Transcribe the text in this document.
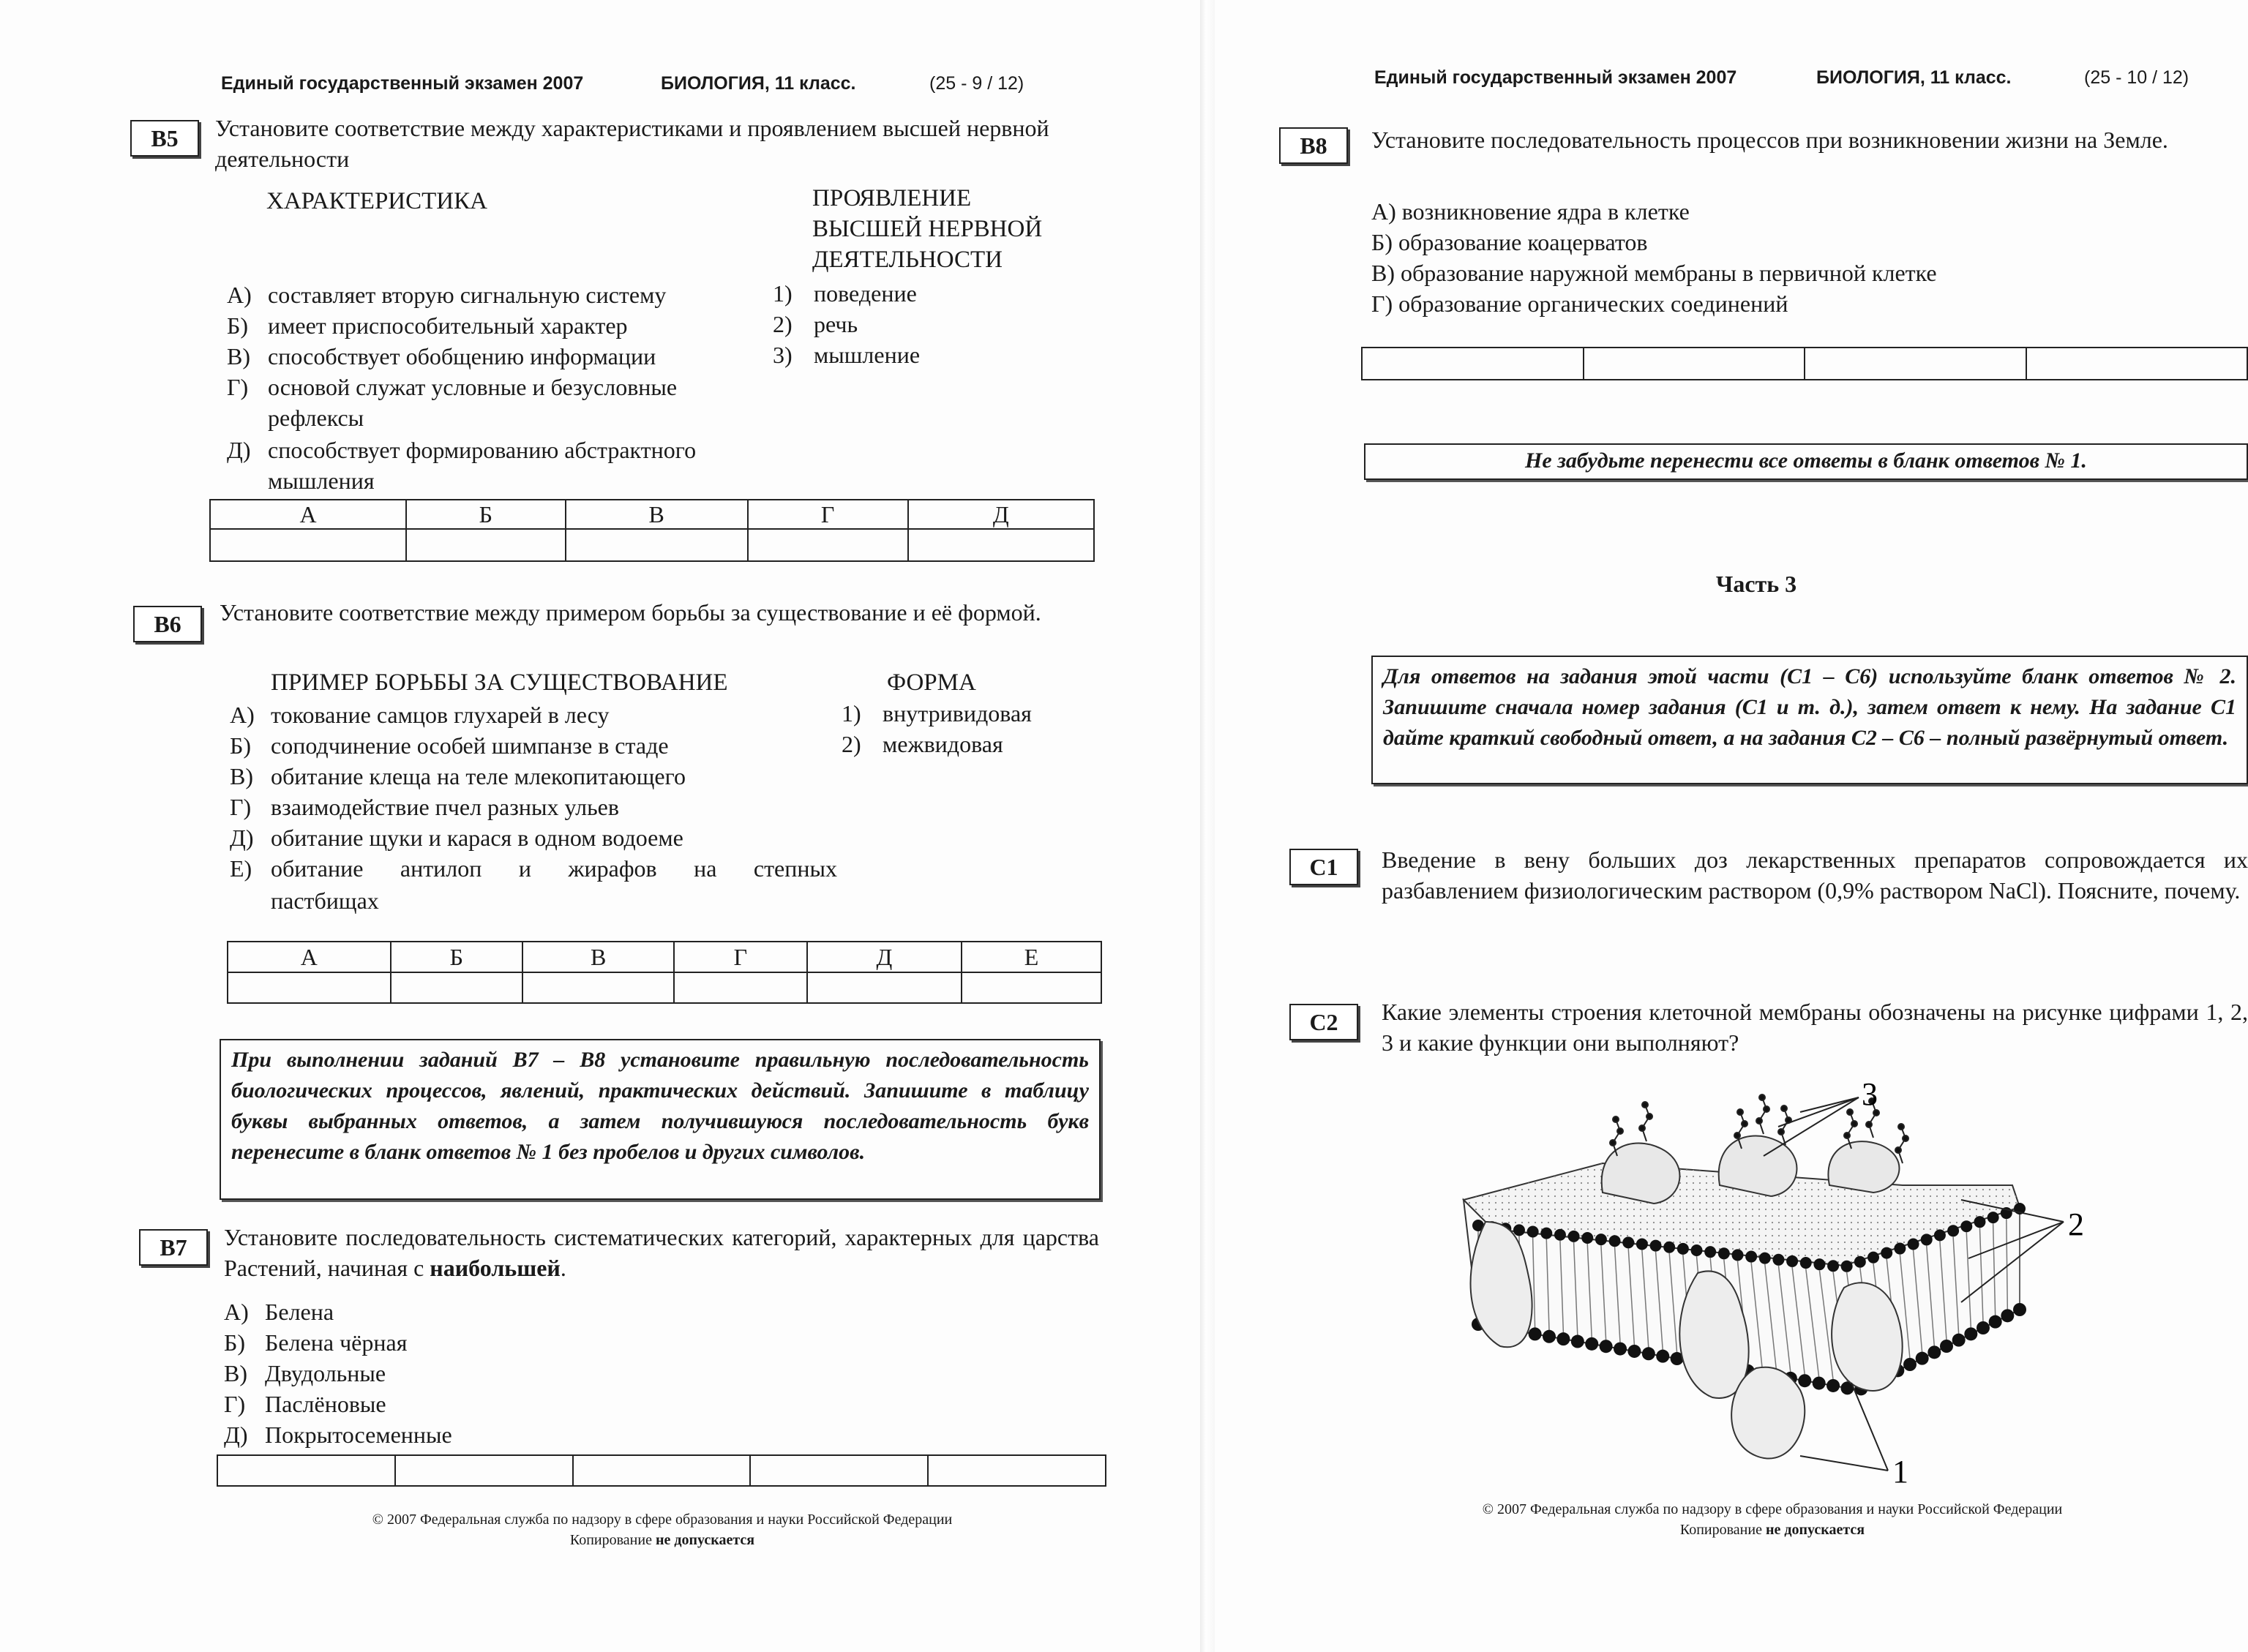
Единый государственный экзамен 2007	БИОЛОГИЯ, 11 класс.	(25 - 9 / 12)
В5	Установите соответствие между характеристиками и проявлением высшей нервной деятельности
ХАРАКТЕРИСТИКА	ПРОЯВЛЕНИЕ
ВЫСШЕЙ НЕРВНОЙ
ДЕЯТЕЛЬНОСТИ
А) составляет вторую сигнальную систему
Б) имеет приспособительный характер
В) способствует обобщению информации
Г) основой служат условные и безусловные
рефлексы
Д) способствует формированию абстрактного
мышления
1) поведение
2) речь
3) мышление
А	Б	В	Г	Д

В6	Установите соответствие между примером борьбы за существование и её формой.
ПРИМЕР БОРЬБЫ ЗА СУЩЕСТВОВАНИЕ	ФОРМА
А) токование самцов глухарей в лесу
Б) соподчинение особей шимпанзе в стаде
В) обитание клеща на теле млекопитающего
Г) взаимодействие пчел разных ульев
Д) обитание щуки и карася в одном водоеме
Е) обитание антилоп и жирафов на степных
пастбищах
1) внутривидовая
2) межвидовая
А	Б	В	Г	Д	Е

При выполнении заданий В7 – В8 установите правильную последовательность биологических процессов, явлений, практических действий. Запишите в таблицу буквы выбранных ответов, а затем получившуюся последовательность букв перенесите в бланк ответов № 1 без пробелов и других символов.
В7	Установите последовательность систематических категорий, характерных для царства Растений, начиная с наибольшей.
А) Белена
Б) Белена чёрная
В) Двудольные
Г) Паслёновые
Д) Покрытосеменные

© 2007 Федеральная служба по надзору в сфере образования и науки Российской Федерации
Копирование не допускается
Единый государственный экзамен 2007	БИОЛОГИЯ, 11 класс.	(25 - 10 / 12)
В8	Установите последовательность процессов при возникновении жизни на Земле.
А) возникновение ядра в клетке
Б) образование коацерватов
В) образование наружной мембраны в первичной клетке
Г) образование органических соединений

Не забудьте перенести все ответы в бланк ответов № 1.
Часть 3
Для ответов на задания этой части (С1 – С6) используйте бланк ответов № 2. Запишите сначала номер задания (С1 и т. д.), затем ответ к нему. На задание С1 дайте краткий свободный ответ, а на задания С2 – С6 – полный развёрнутый ответ.
С1	Введение в вену больших доз лекарственных препаратов сопровождается их разбавлением физиологическим раствором (0,9% раствором NaCl). Поясните, почему.
С2	Какие элементы строения клеточной мембраны обозначены на рисунке цифрами 1, 2, 3 и какие функции они выполняют?
3
2
1
© 2007 Федеральная служба по надзору в сфере образования и науки Российской Федерации
Копирование не допускается
